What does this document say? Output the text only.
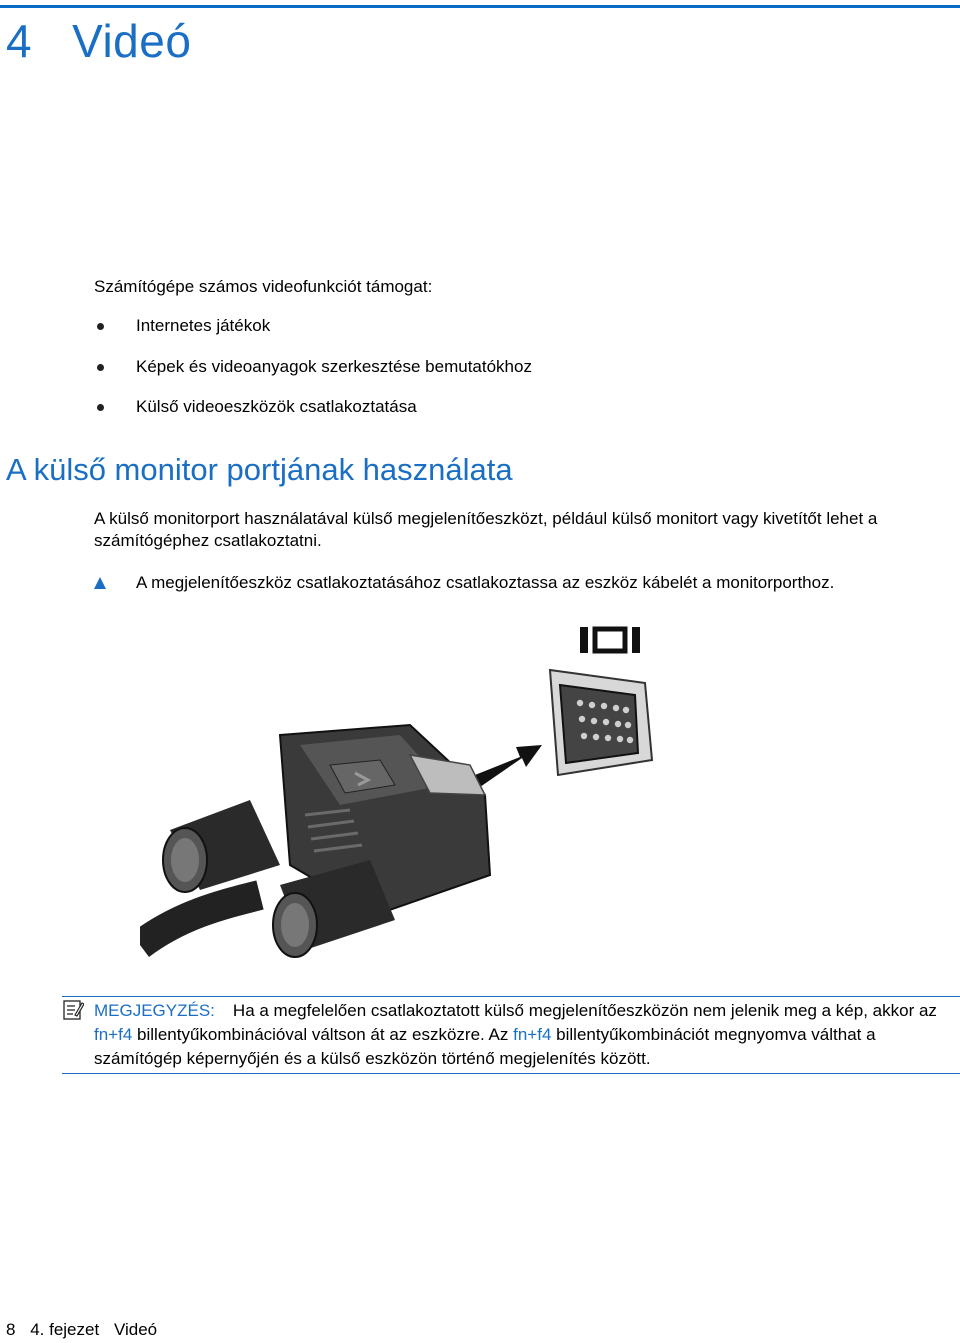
4 Videó

Számítógépe számos videofunkciót támogat:

Internetes játékok
Képek és videoanyagok szerkesztése bemutatókhoz
Külső videoeszközök csatlakoztatása
A külső monitor portjának használata

A külső monitorport használatával külső megjelenítőeszközt, például külső monitort vagy kivetítőt lehet a számítógéphez csatlakoztatni.

A megjelenítőeszköz csatlakoztatásához csatlakoztassa az eszköz kábelét a monitorporthoz.
MEGJEGYZÉS: Ha a megfelelően csatlakoztatott külső megjelenítőeszközön nem jelenik meg a kép, akkor az fn+f4 billentyűkombinációval váltson át az eszközre. Az fn+f4 billentyűkombinációt megnyomva válthat a számítógép képernyőjén és a külső eszközön történő megjelenítés között.
8 4. fejezet Videó
